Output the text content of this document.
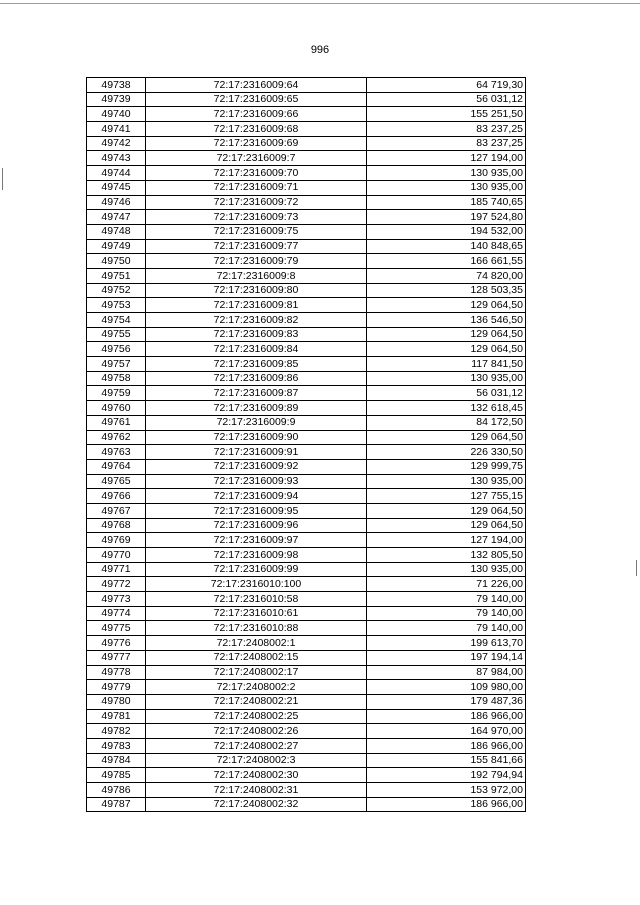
996
49738	72:17:2316009:64	64 719,30
49739	72:17:2316009:65	56 031,12
49740	72:17:2316009:66	155 251,50
49741	72:17:2316009:68	83 237,25
49742	72:17:2316009:69	83 237,25
49743	72:17:2316009:7	127 194,00
49744	72:17:2316009:70	130 935,00
49745	72:17:2316009:71	130 935,00
49746	72:17:2316009:72	185 740,65
49747	72:17:2316009:73	197 524,80
49748	72:17:2316009:75	194 532,00
49749	72:17:2316009:77	140 848,65
49750	72:17:2316009:79	166 661,55
49751	72:17:2316009:8	74 820,00
49752	72:17:2316009:80	128 503,35
49753	72:17:2316009:81	129 064,50
49754	72:17:2316009:82	136 546,50
49755	72:17:2316009:83	129 064,50
49756	72:17:2316009:84	129 064,50
49757	72:17:2316009:85	117 841,50
49758	72:17:2316009:86	130 935,00
49759	72:17:2316009:87	56 031,12
49760	72:17:2316009:89	132 618,45
49761	72:17:2316009:9	84 172,50
49762	72:17:2316009:90	129 064,50
49763	72:17:2316009:91	226 330,50
49764	72:17:2316009:92	129 999,75
49765	72:17:2316009:93	130 935,00
49766	72:17:2316009:94	127 755,15
49767	72:17:2316009:95	129 064,50
49768	72:17:2316009:96	129 064,50
49769	72:17:2316009:97	127 194,00
49770	72:17:2316009:98	132 805,50
49771	72:17:2316009:99	130 935,00
49772	72:17:2316010:100	71 226,00
49773	72:17:2316010:58	79 140,00
49774	72:17:2316010:61	79 140,00
49775	72:17:2316010:88	79 140,00
49776	72:17:2408002:1	199 613,70
49777	72:17:2408002:15	197 194,14
49778	72:17:2408002:17	87 984,00
49779	72:17:2408002:2	109 980,00
49780	72:17:2408002:21	179 487,36
49781	72:17:2408002:25	186 966,00
49782	72:17:2408002:26	164 970,00
49783	72:17:2408002:27	186 966,00
49784	72:17:2408002:3	155 841,66
49785	72:17:2408002:30	192 794,94
49786	72:17:2408002:31	153 972,00
49787	72:17:2408002:32	186 966,00
